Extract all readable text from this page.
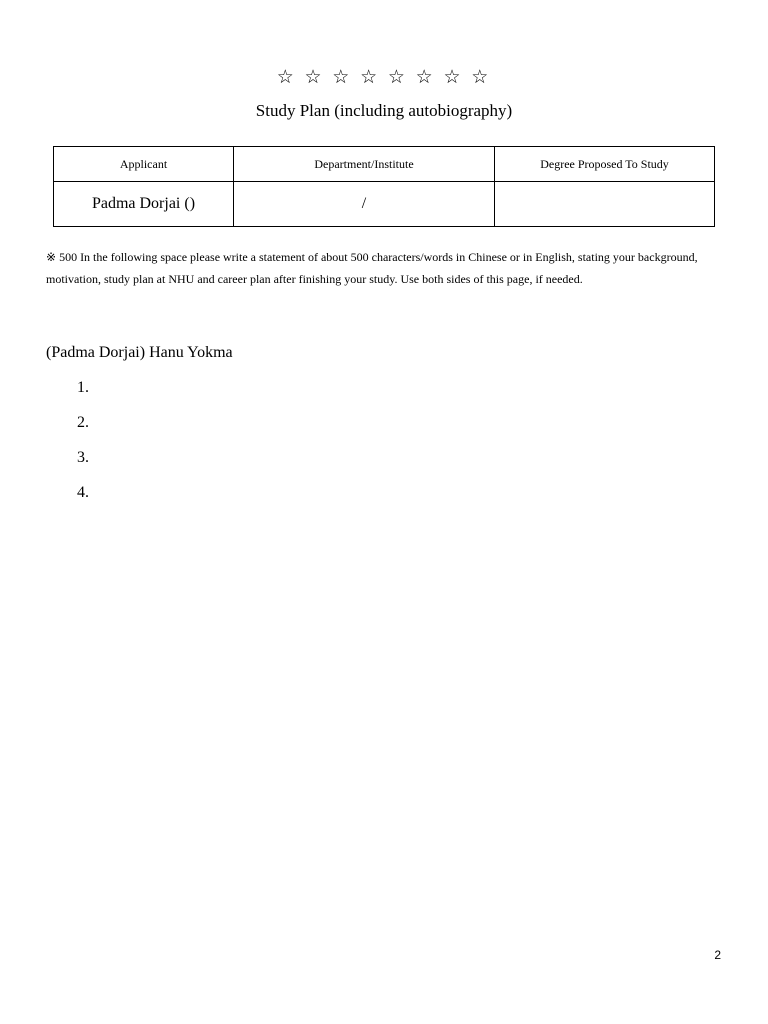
☆ ☆ ☆ ☆ ☆ ☆ ☆ ☆
Study Plan (including autobiography)
Applicant	Department/Institute	Degree Proposed To Study
Padma Dorjai ()	/	
※ 500 In the following space please write a statement of about 500 characters/words in Chinese or in English, stating your background, motivation, study plan at NHU and career plan after finishing your study. Use both sides of this page, if needed.

(Padma Dorjai) Hanu Yokma

1.
2.
3.
4.

2
